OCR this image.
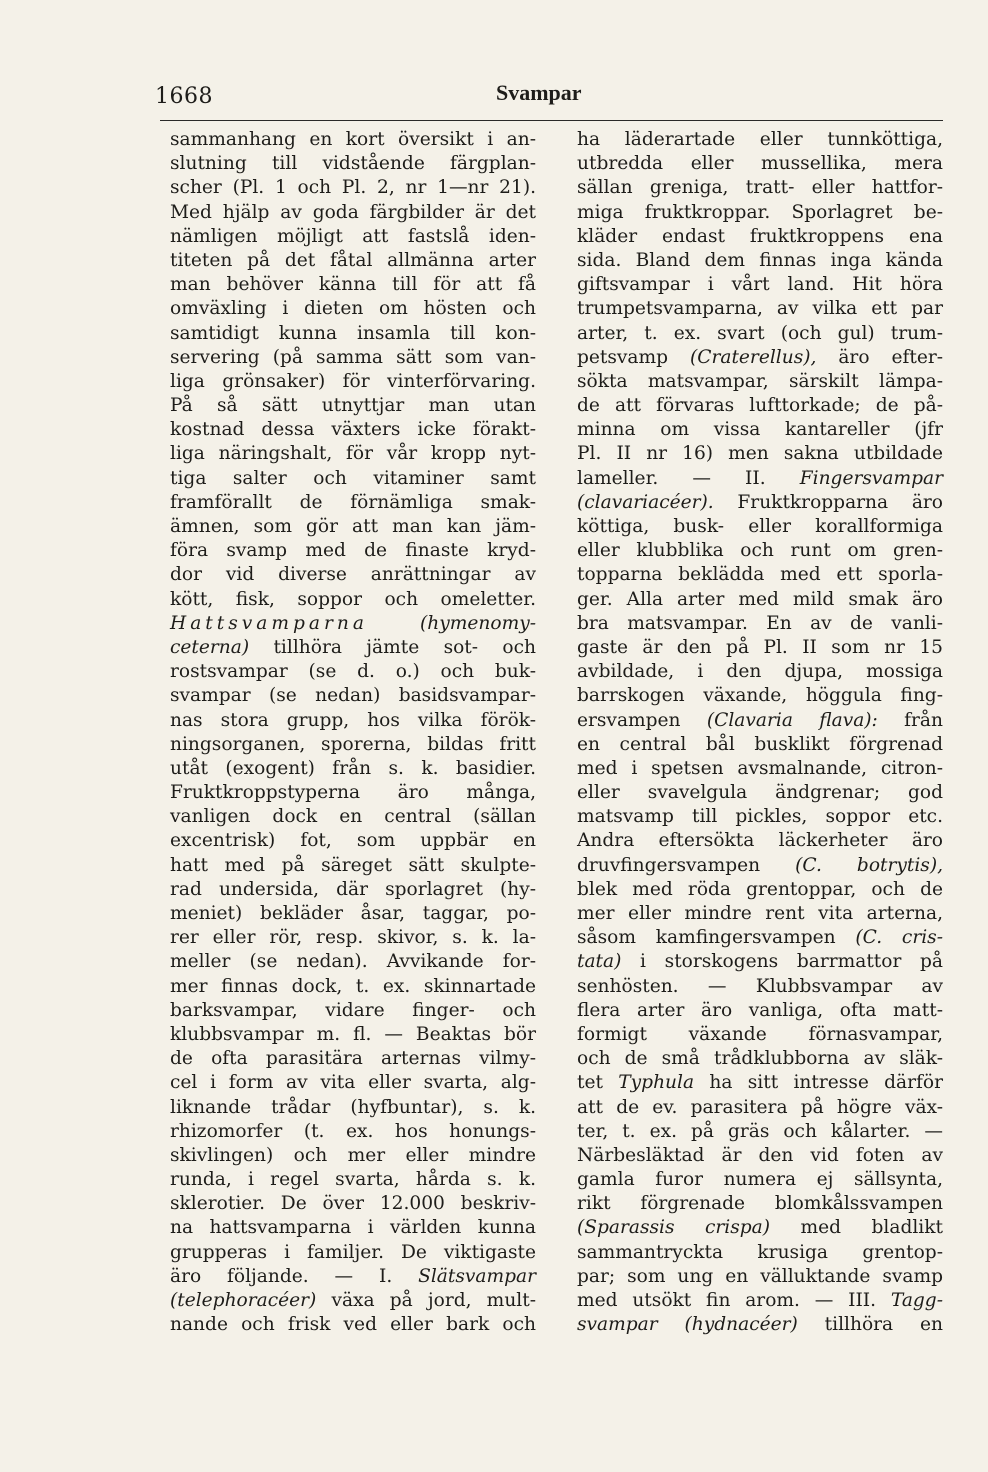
1668	Svampar
sammanhang en kort översikt i an-
slutning till vidstående färgplan-
scher (Pl. 1 och Pl. 2, nr 1—nr 21).
Med hjälp av goda färgbilder är det
nämligen möjligt att fastslå iden-
titeten på det fåtal allmänna arter
man behöver känna till för att få
omväxling i dieten om hösten och
samtidigt kunna insamla till kon-
servering (på samma sätt som van-
liga grönsaker) för vinterförvaring.
På så sätt utnyttjar man utan
kostnad dessa växters icke förakt-
liga näringshalt, för vår kropp nyt-
tiga salter och vitaminer samt
framförallt de förnämliga smak-
ämnen, som gör att man kan jäm-
föra svamp med de finaste kryd-
dor vid diverse anrättningar av
kött, fisk, soppor och omeletter.
Hattsvamparna (hymenomy-
ceterna) tillhöra jämte sot- och
rostsvampar (se d. o.) och buk-
svampar (se nedan) basidsvampar-
nas stora grupp, hos vilka förök-
ningsorganen, sporerna, bildas fritt
utåt (exogent) från s. k. basidier.
Fruktkroppstyperna äro många,
vanligen dock en central (sällan
excentrisk) fot, som uppbär en
hatt med på säreget sätt skulpte-
rad undersida, där sporlagret (hy-
meniet) bekläder åsar, taggar, po-
rer eller rör, resp. skivor, s. k. la-
meller (se nedan). Avvikande for-
mer finnas dock, t. ex. skinnartade
barksvampar, vidare finger- och
klubbsvampar m. fl. — Beaktas bör
de ofta parasitära arternas vilmy-
cel i form av vita eller svarta, alg-
liknande trådar (hyfbuntar), s. k.
rhizomorfer (t. ex. hos honungs-
skivlingen) och mer eller mindre
runda, i regel svarta, hårda s. k.
sklerotier. De över 12.000 beskriv-
na hattsvamparna i världen kunna
grupperas i familjer. De viktigaste
äro följande. — I. Slätsvampar
(telephoracéer) växa på jord, mult-
nande och frisk ved eller bark och
ha läderartade eller tunnköttiga,
utbredda eller mussellika, mera
sällan greniga, tratt- eller hattfor-
miga fruktkroppar. Sporlagret be-
kläder endast fruktkroppens ena
sida. Bland dem finnas inga kända
giftsvampar i vårt land. Hit höra
trumpetsvamparna, av vilka ett par
arter, t. ex. svart (och gul) trum-
petsvamp (Craterellus), äro efter-
sökta matsvampar, särskilt lämpa-
de att förvaras lufttorkade; de på-
minna om vissa kantareller (jfr
Pl. II nr 16) men sakna utbildade
lameller. — II. Fingersvampar
(clavariacéer). Fruktkropparna äro
köttiga, busk- eller korallformiga
eller klubblika och runt om gren-
topparna beklädda med ett sporla-
ger. Alla arter med mild smak äro
bra matsvampar. En av de vanli-
gaste är den på Pl. II som nr 15
avbildade, i den djupa, mossiga
barrskogen växande, höggula fing-
ersvampen (Clavaria flava): från
en central bål busklikt förgrenad
med i spetsen avsmalnande, citron-
eller svavelgula ändgrenar; god
matsvamp till pickles, soppor etc.
Andra eftersökta läckerheter äro
druvfingersvampen (C. botrytis),
blek med röda grentoppar, och de
mer eller mindre rent vita arterna,
såsom kamfingersvampen (C. cris-
tata) i storskogens barrmattor på
senhösten. — Klubbsvampar av
flera arter äro vanliga, ofta matt-
formigt växande förnasvampar,
och de små trådklubborna av släk-
tet Typhula ha sitt intresse därför
att de ev. parasitera på högre väx-
ter, t. ex. på gräs och kålarter. —
Närbesläktad är den vid foten av
gamla furor numera ej sällsynta,
rikt förgrenade blomkålssvampen
(Sparassis crispa) med bladlikt
sammantryckta krusiga grentop-
par; som ung en välluktande svamp
med utsökt fin arom. — III. Tagg-
svampar (hydnacéer) tillhöra en
